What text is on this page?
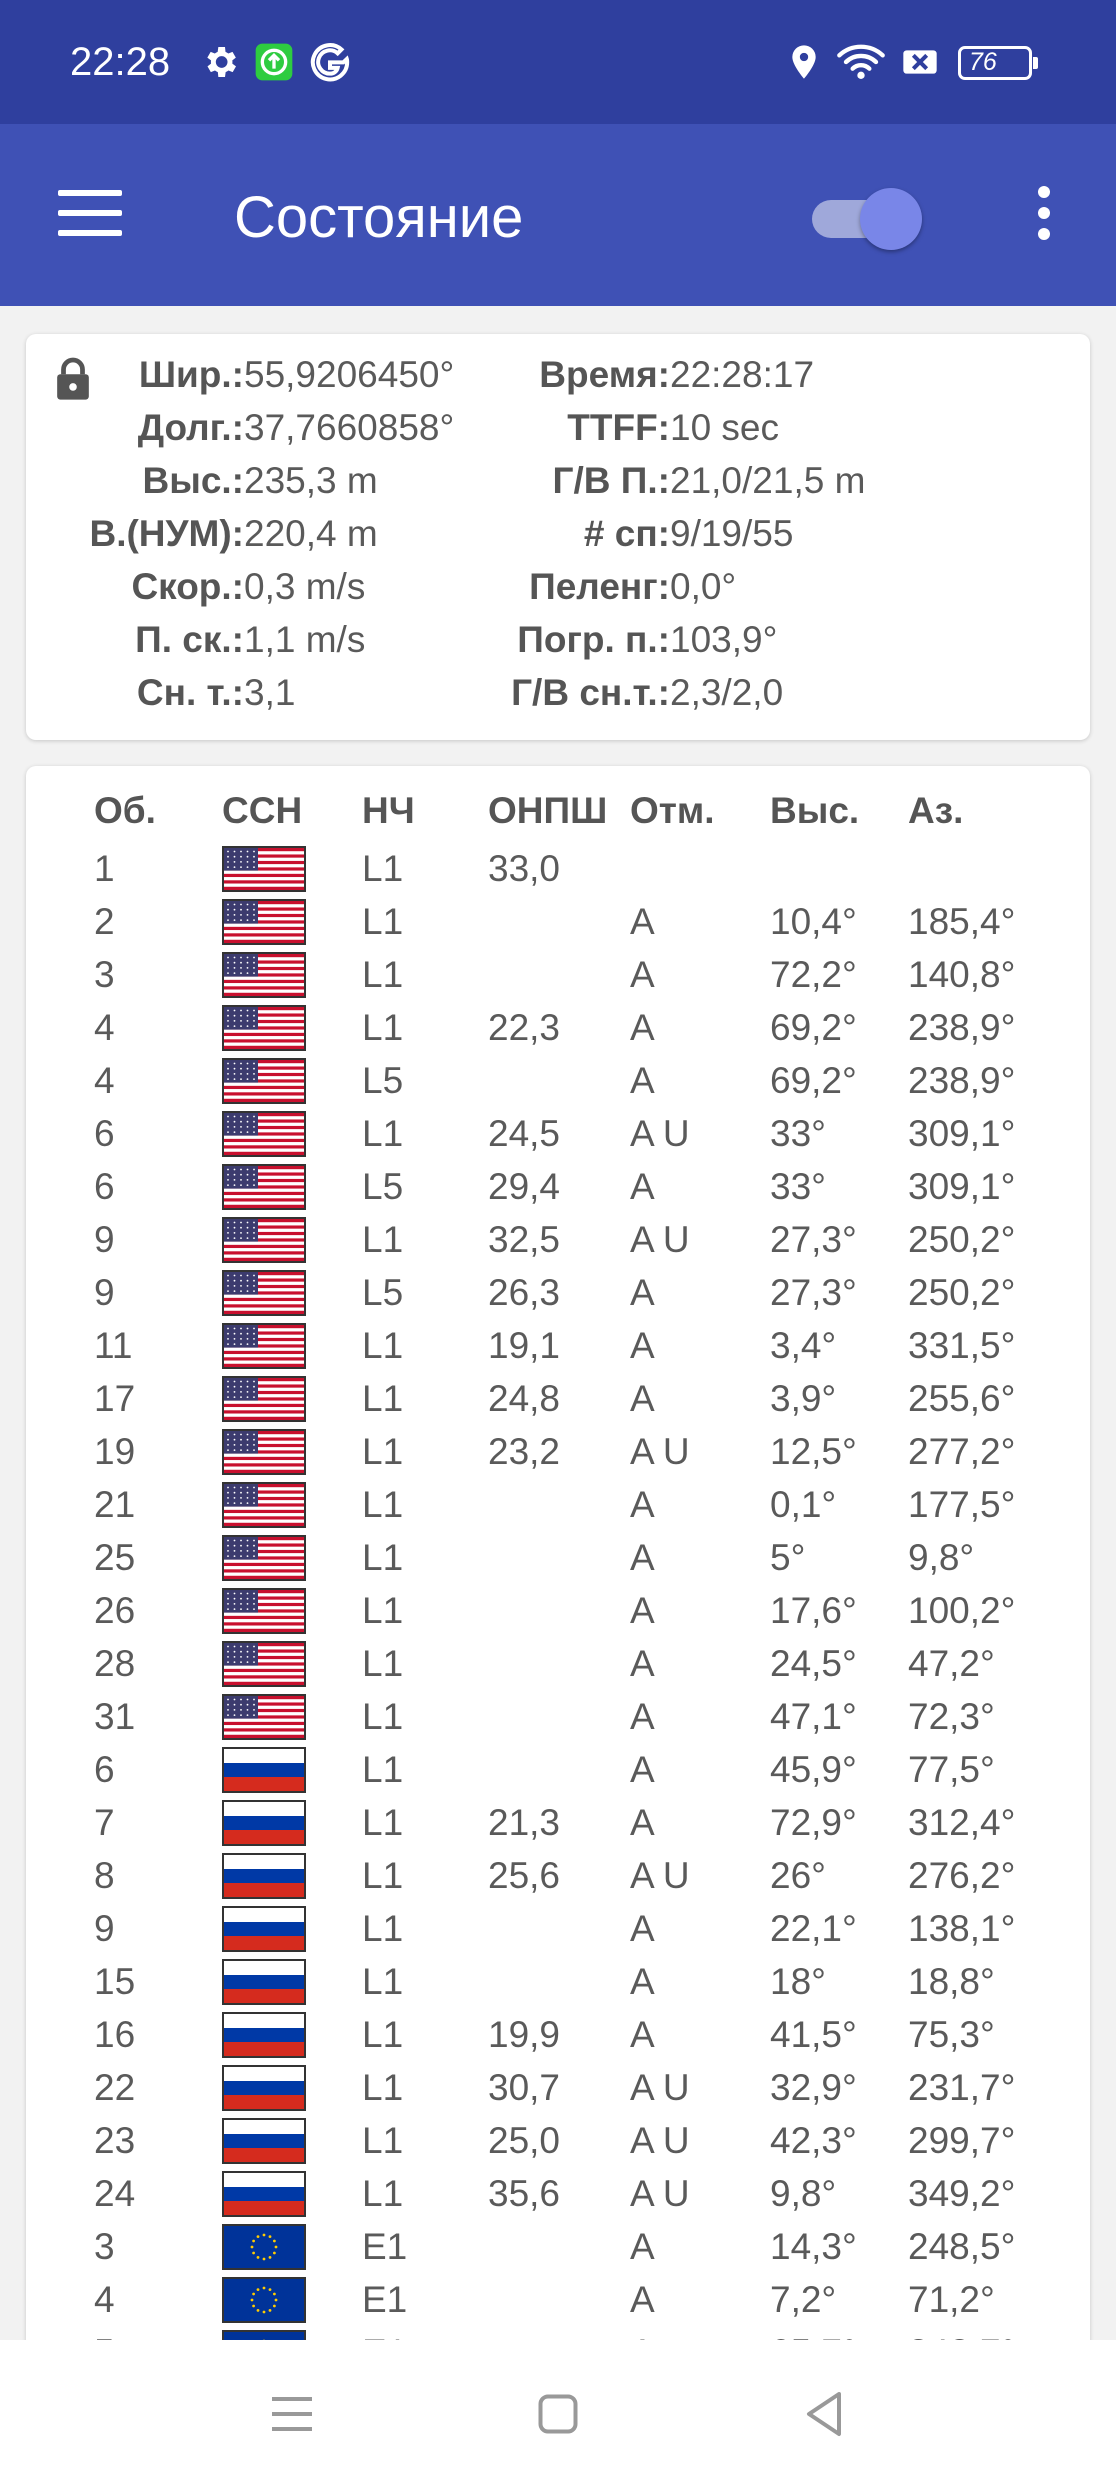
22:28	76
Состояние
Шир.: 55,9206450° Время: 22:28:17
Долг.: 37,7660858°	TTFF: 10 sec
Выс.: 235,3 m	Г/В П.: 21,0/21,5 m
В.(НУМ): 220,4 m	# сп: 9/19/55
Скор.: 0,3 m/s	Пеленг: 0,0°
П. ск.: 1,1 m/s	Погр. п.: 103,9°
Сн. т.: 3,1	Г/В сн.т.: 2,3/2,0
Об. ССН НЧ ОНПШ Отм. Выс. Аз.
1	L1 33,0
2	L1	A	10,4° 185,4°
3	L1	A	72,2° 140,8°
4	L1 22,3 A	69,2° 238,9°
4	L5	A	69,2° 238,9°
6	L1 24,5 A U 33° 309,1°
6	L5 29,4 A	33° 309,1°
9	L1 32,5 A U 27,3° 250,2°
9	L5 26,3 A	27,3° 250,2°
11	L1 19,1 A	3,4° 331,5°
17	L1 24,8 A	3,9° 255,6°
19	L1 23,2 A U 12,5° 277,2°
21	L1	A	0,1° 177,5°
25	L1	A	5°	9,8°
26	L1	A	17,6° 100,2°
28	L1	A	24,5° 47,2°
31	L1	A	47,1° 72,3°
6	L1	A	45,9° 77,5°
7	L1 21,3 A	72,9° 312,4°
8	L1 25,6 A U 26° 276,2°
9	L1	A	22,1° 138,1°
15	L1	A	18° 18,8°
16	L1 19,9 A	41,5° 75,3°
22	L1 30,7 A U 32,9° 231,7°
23	L1 25,0 A U 42,3° 299,7°
24	L1 35,6 A U 9,8° 349,2°
3	E1	A	14,3° 248,5°
4	E1	A	7,2° 71,2°
